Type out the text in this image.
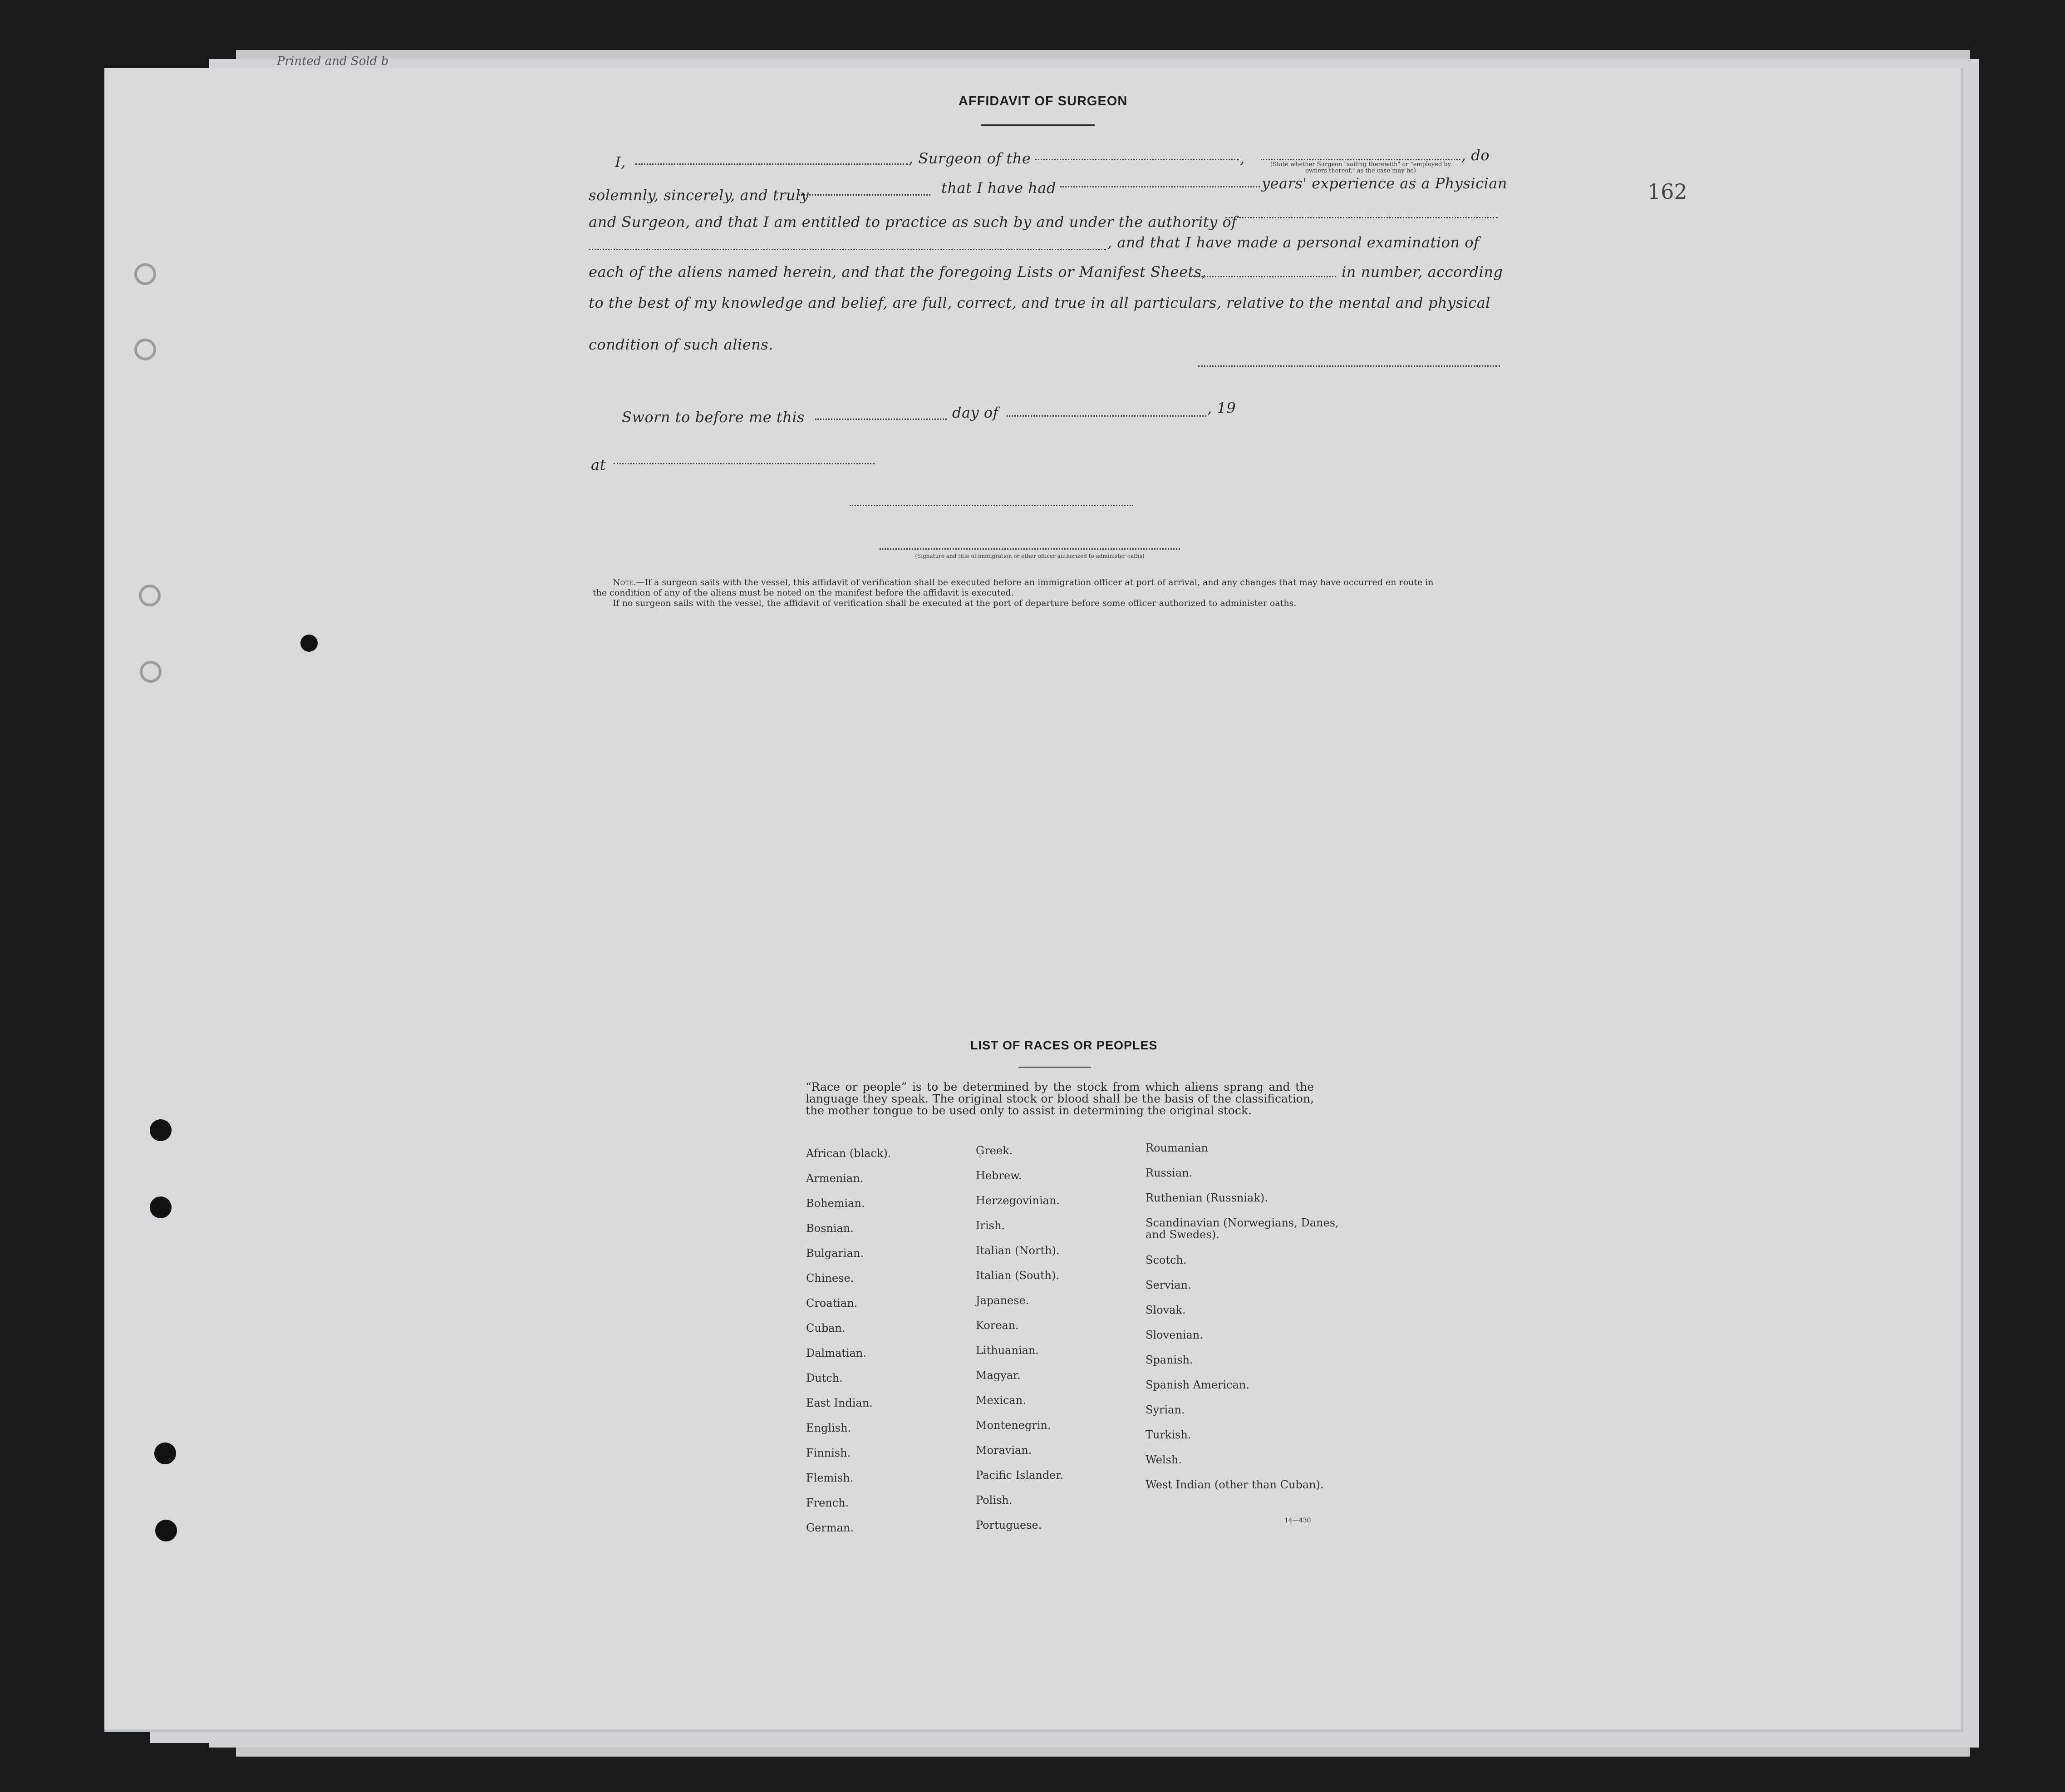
Printed and Sold b
162
AFFIDAVIT OF SURGEON
I,	, Surgeon of the	,	(State whether Surgeon "sailing therewith" or "employed by owners thereof," as the case may be)
, do
solemnly, sincerely, and truly	that I have had	years' experience as a Physician
and Surgeon, and that I am entitled to practice as such by and under the authority of
, and that I have made a personal examination of
each of the aliens named herein, and that the foregoing Lists or Manifest Sheets,	in number, according
to the best of my knowledge and belief, are full, correct, and true in all particulars, relative to the mental and physical
condition of such aliens.
Sworn to before me this	day of	, 19
at
(Signature and title of immigration or other officer authorized to administer oaths)
Note.—If a surgeon sails with the vessel, this affidavit of verification shall be executed before an immigration officer at port of arrival, and any changes that may have occurred en route in
the condition of any of the aliens must be noted on the manifest before the affidavit is executed.
If no surgeon sails with the vessel, the affidavit of verification shall be executed at the port of departure before some officer authorized to administer oaths.
LIST OF RACES OR PEOPLES
“Race or people” is to be determined by the stock from which aliens sprang and the language they speak. The original stock or blood shall be the basis of the classification, the mother tongue to be used only to assist in determining the original stock.
African (black).
Armenian.
Bohemian.
Bosnian.
Bulgarian.
Chinese.
Croatian.
Cuban.
Dalmatian.
Dutch.
East Indian.
English.
Finnish.
Flemish.
French.
German.
Greek.
Hebrew.
Herzegovinian.
Irish.
Italian (North).
Italian (South).
Japanese.
Korean.
Lithuanian.
Magyar.
Mexican.
Montenegrin.
Moravian.
Pacific Islander.
Polish.
Portuguese.
Roumanian
Russian.
Ruthenian (Russniak).
Scandinavian (Norwegians, Danes, and Swedes).
Scotch.
Servian.
Slovak.
Slovenian.
Spanish.
Spanish American.
Syrian.
Turkish.
Welsh.
West Indian (other than Cuban).
14—430
